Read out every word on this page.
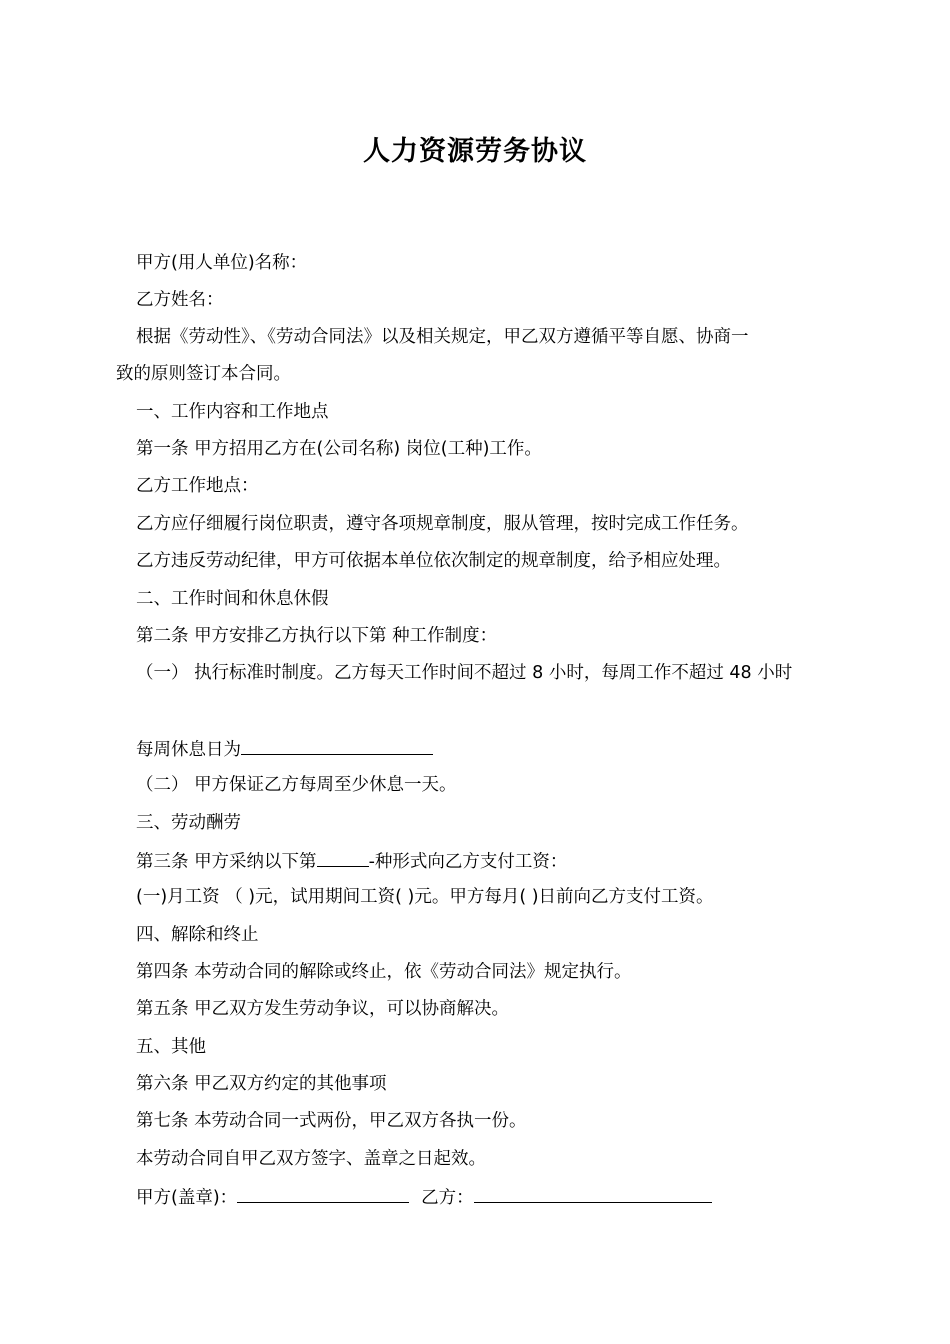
人力资源劳务协议
甲方(用人单位)名称：
乙方姓名：
根据《劳动性》、《劳动合同法》以及相关规定，甲乙双方遵循平等自愿、协商一
致的原则签订本合同。
一、工作内容和工作地点
第一条 甲方招用乙方在(公司名称) 岗位(工种)工作。
乙方工作地点：
乙方应仔细履行岗位职责，遵守各项规章制度，服从管理，按时完成工作任务。
乙方违反劳动纪律，甲方可依据本单位依次制定的规章制度，给予相应处理。
二、工作时间和休息休假
第二条 甲方安排乙方执行以下第 种工作制度：
（一） 执行标准时制度。乙方每天工作时间不超过 8 小时，每周工作不超过 48 小时
每周休息日为
（二） 甲方保证乙方每周至少休息一天。
三、劳动酬劳
第三条 甲方采纳以下第	-种形式向乙方支付工资：
(一)月工资 （ )元，试用期间工资( )元。甲方每月( )日前向乙方支付工资。
四、解除和终止
第四条 本劳动合同的解除或终止，依《劳动合同法》规定执行。
第五条 甲乙双方发生劳动争议，可以协商解决。
五、其他
第六条 甲乙双方约定的其他事项
第七条 本劳动合同一式两份，甲乙双方各执一份。
本劳动合同自甲乙双方签字、盖章之日起效。
甲方(盖章)：	乙方：
